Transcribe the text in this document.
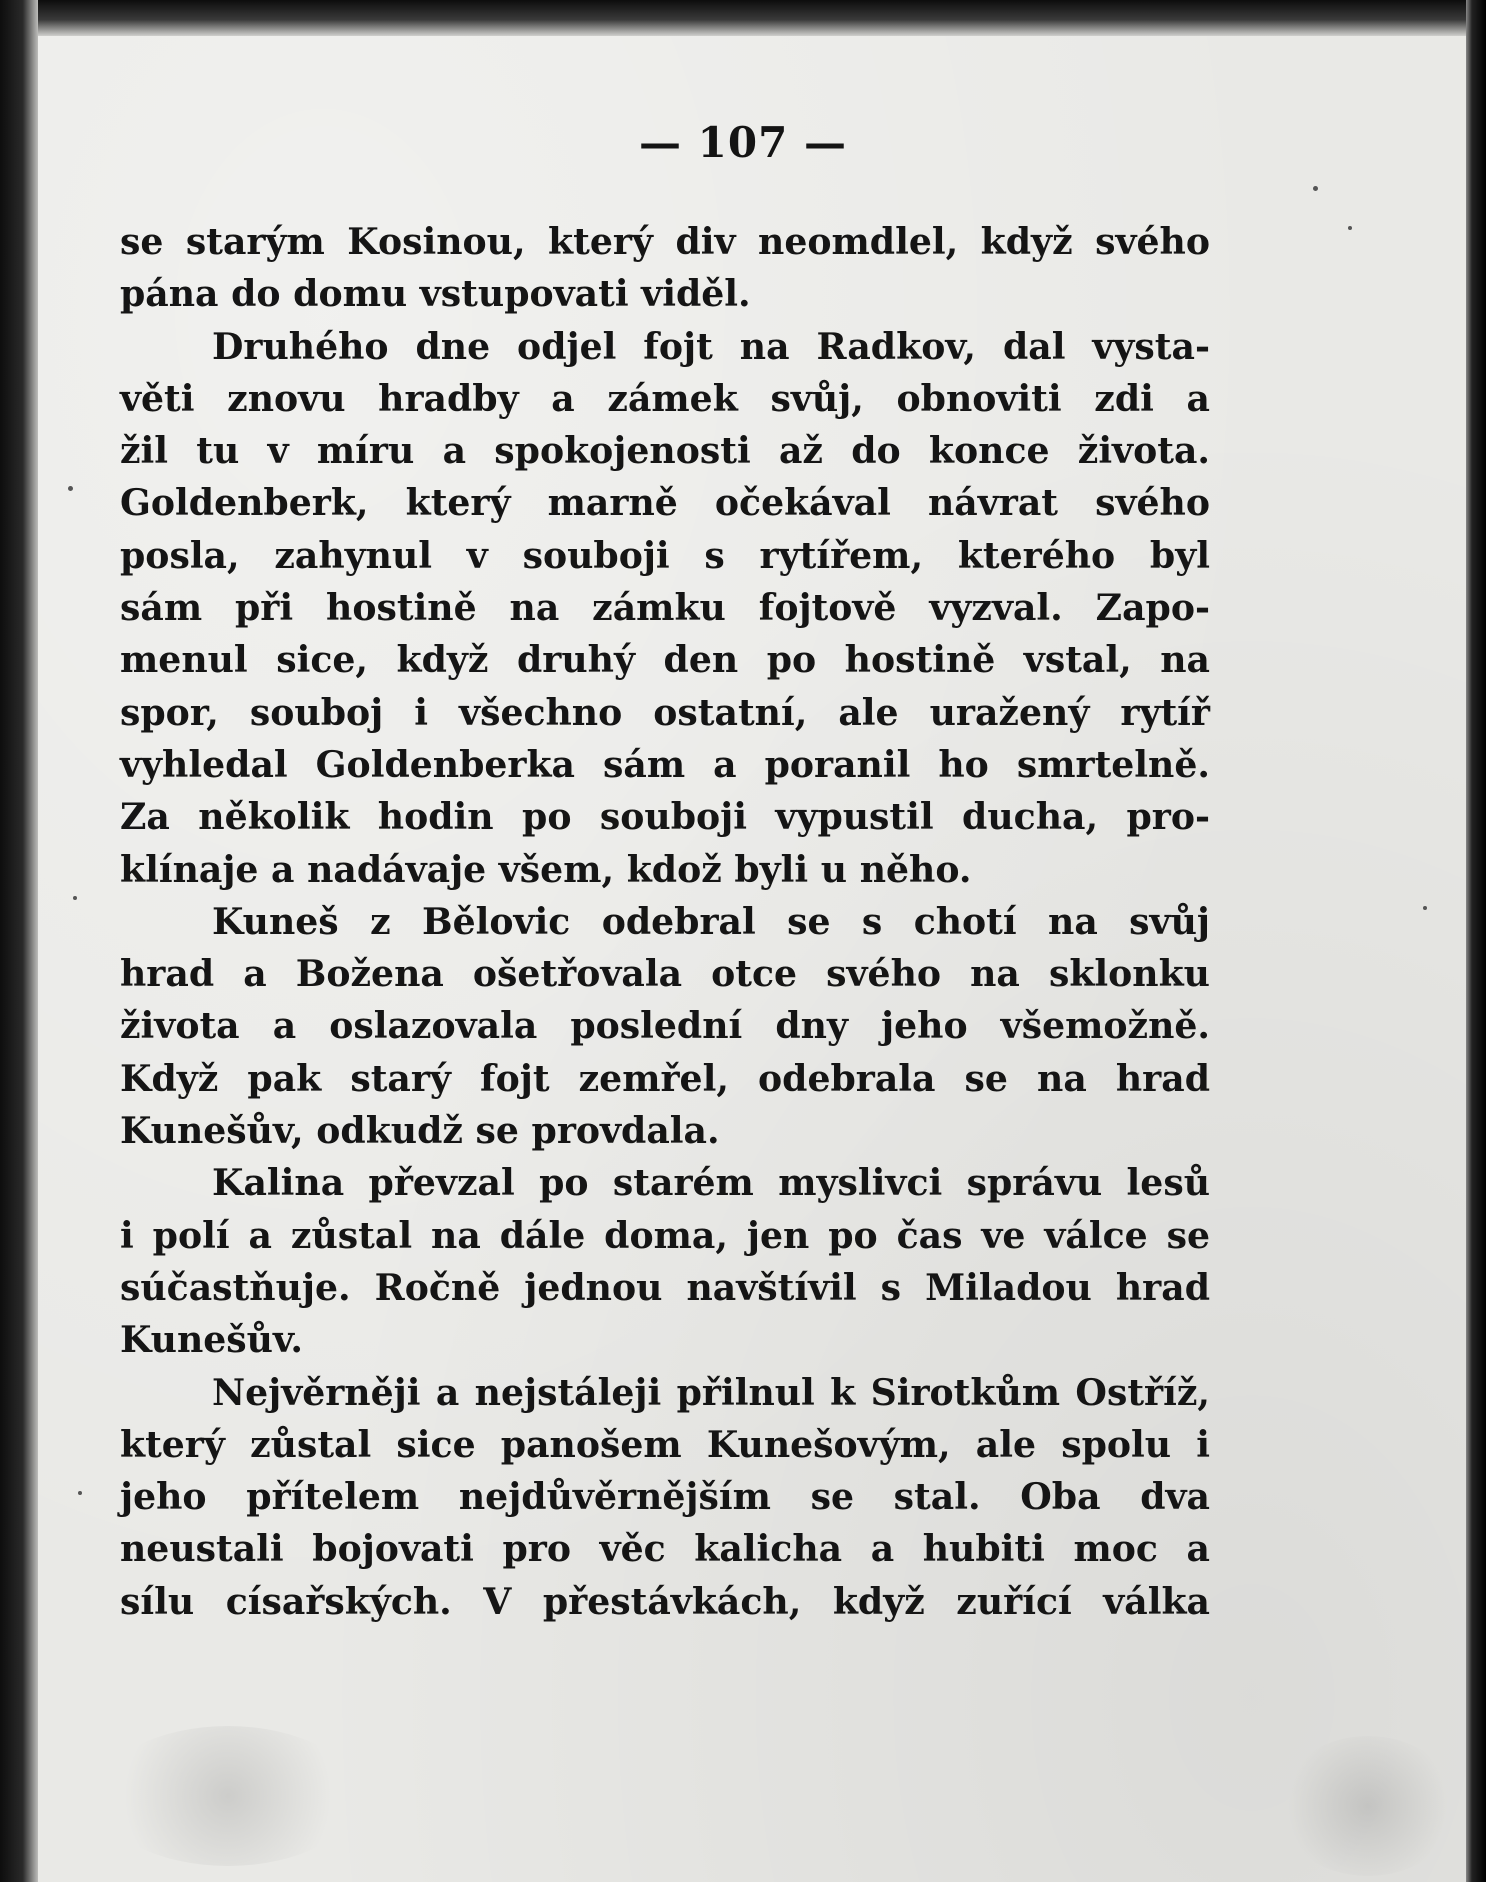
— 107 —
se starým Kosinou, který div neomdlel, když svého
pána do domu vstupovati viděl.
Druhého dne odjel fojt na Radkov, dal vysta-
věti znovu hradby a zámek svůj, obnoviti zdi a
žil tu v míru a spokojenosti až do konce života.
Goldenberk, který marně očekával návrat svého
posla, zahynul v souboji s rytířem, kterého byl
sám při hostině na zámku fojtově vyzval. Zapo-
menul sice, když druhý den po hostině vstal, na
spor, souboj i všechno ostatní, ale uražený rytíř
vyhledal Goldenberka sám a poranil ho smrtelně.
Za několik hodin po souboji vypustil ducha, pro-
klínaje a nadávaje všem, kdož byli u něho.
Kuneš z Bělovic odebral se s chotí na svůj
hrad a Božena ošetřovala otce svého na sklonku
života a oslazovala poslední dny jeho všemožně.
Když pak starý fojt zemřel, odebrala se na hrad
Kunešův, odkudž se provdala.
Kalina převzal po starém myslivci správu lesů
i polí a zůstal na dále doma, jen po čas ve válce se
súčastňuje. Ročně jednou navštívil s Miladou hrad
Kunešův.
Nejvěrněji a nejstáleji přilnul k Sirotkům Ostříž,
který zůstal sice panošem Kunešovým, ale spolu i
jeho přítelem nejdůvěrnějším se stal. Oba dva
neustali bojovati pro věc kalicha a hubiti moc a
sílu císařských. V přestávkách, když zuřící válka
